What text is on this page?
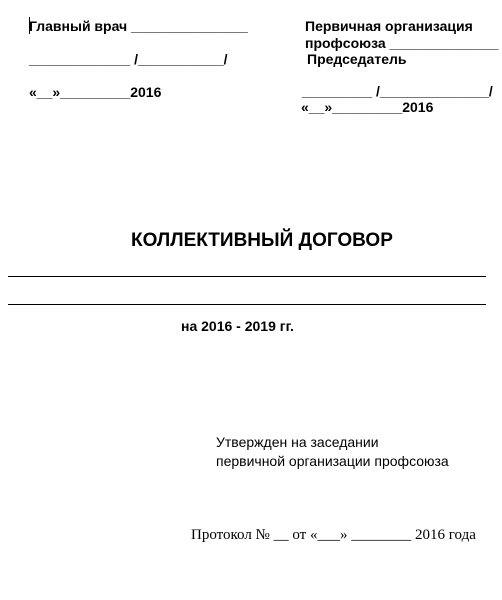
Главный врач _______________
_____________ /___________/
«__»_________2016
Первичная организация
профсоюза ______________
Председатель
_________ /______________/
«__»_________2016
КОЛЛЕКТИВНЫЙ ДОГОВОР
на 2016 - 2019 гг.
Утвержден на заседании
первичной организации профсоюза
Протокол № __ от «___» ________ 2016 года
